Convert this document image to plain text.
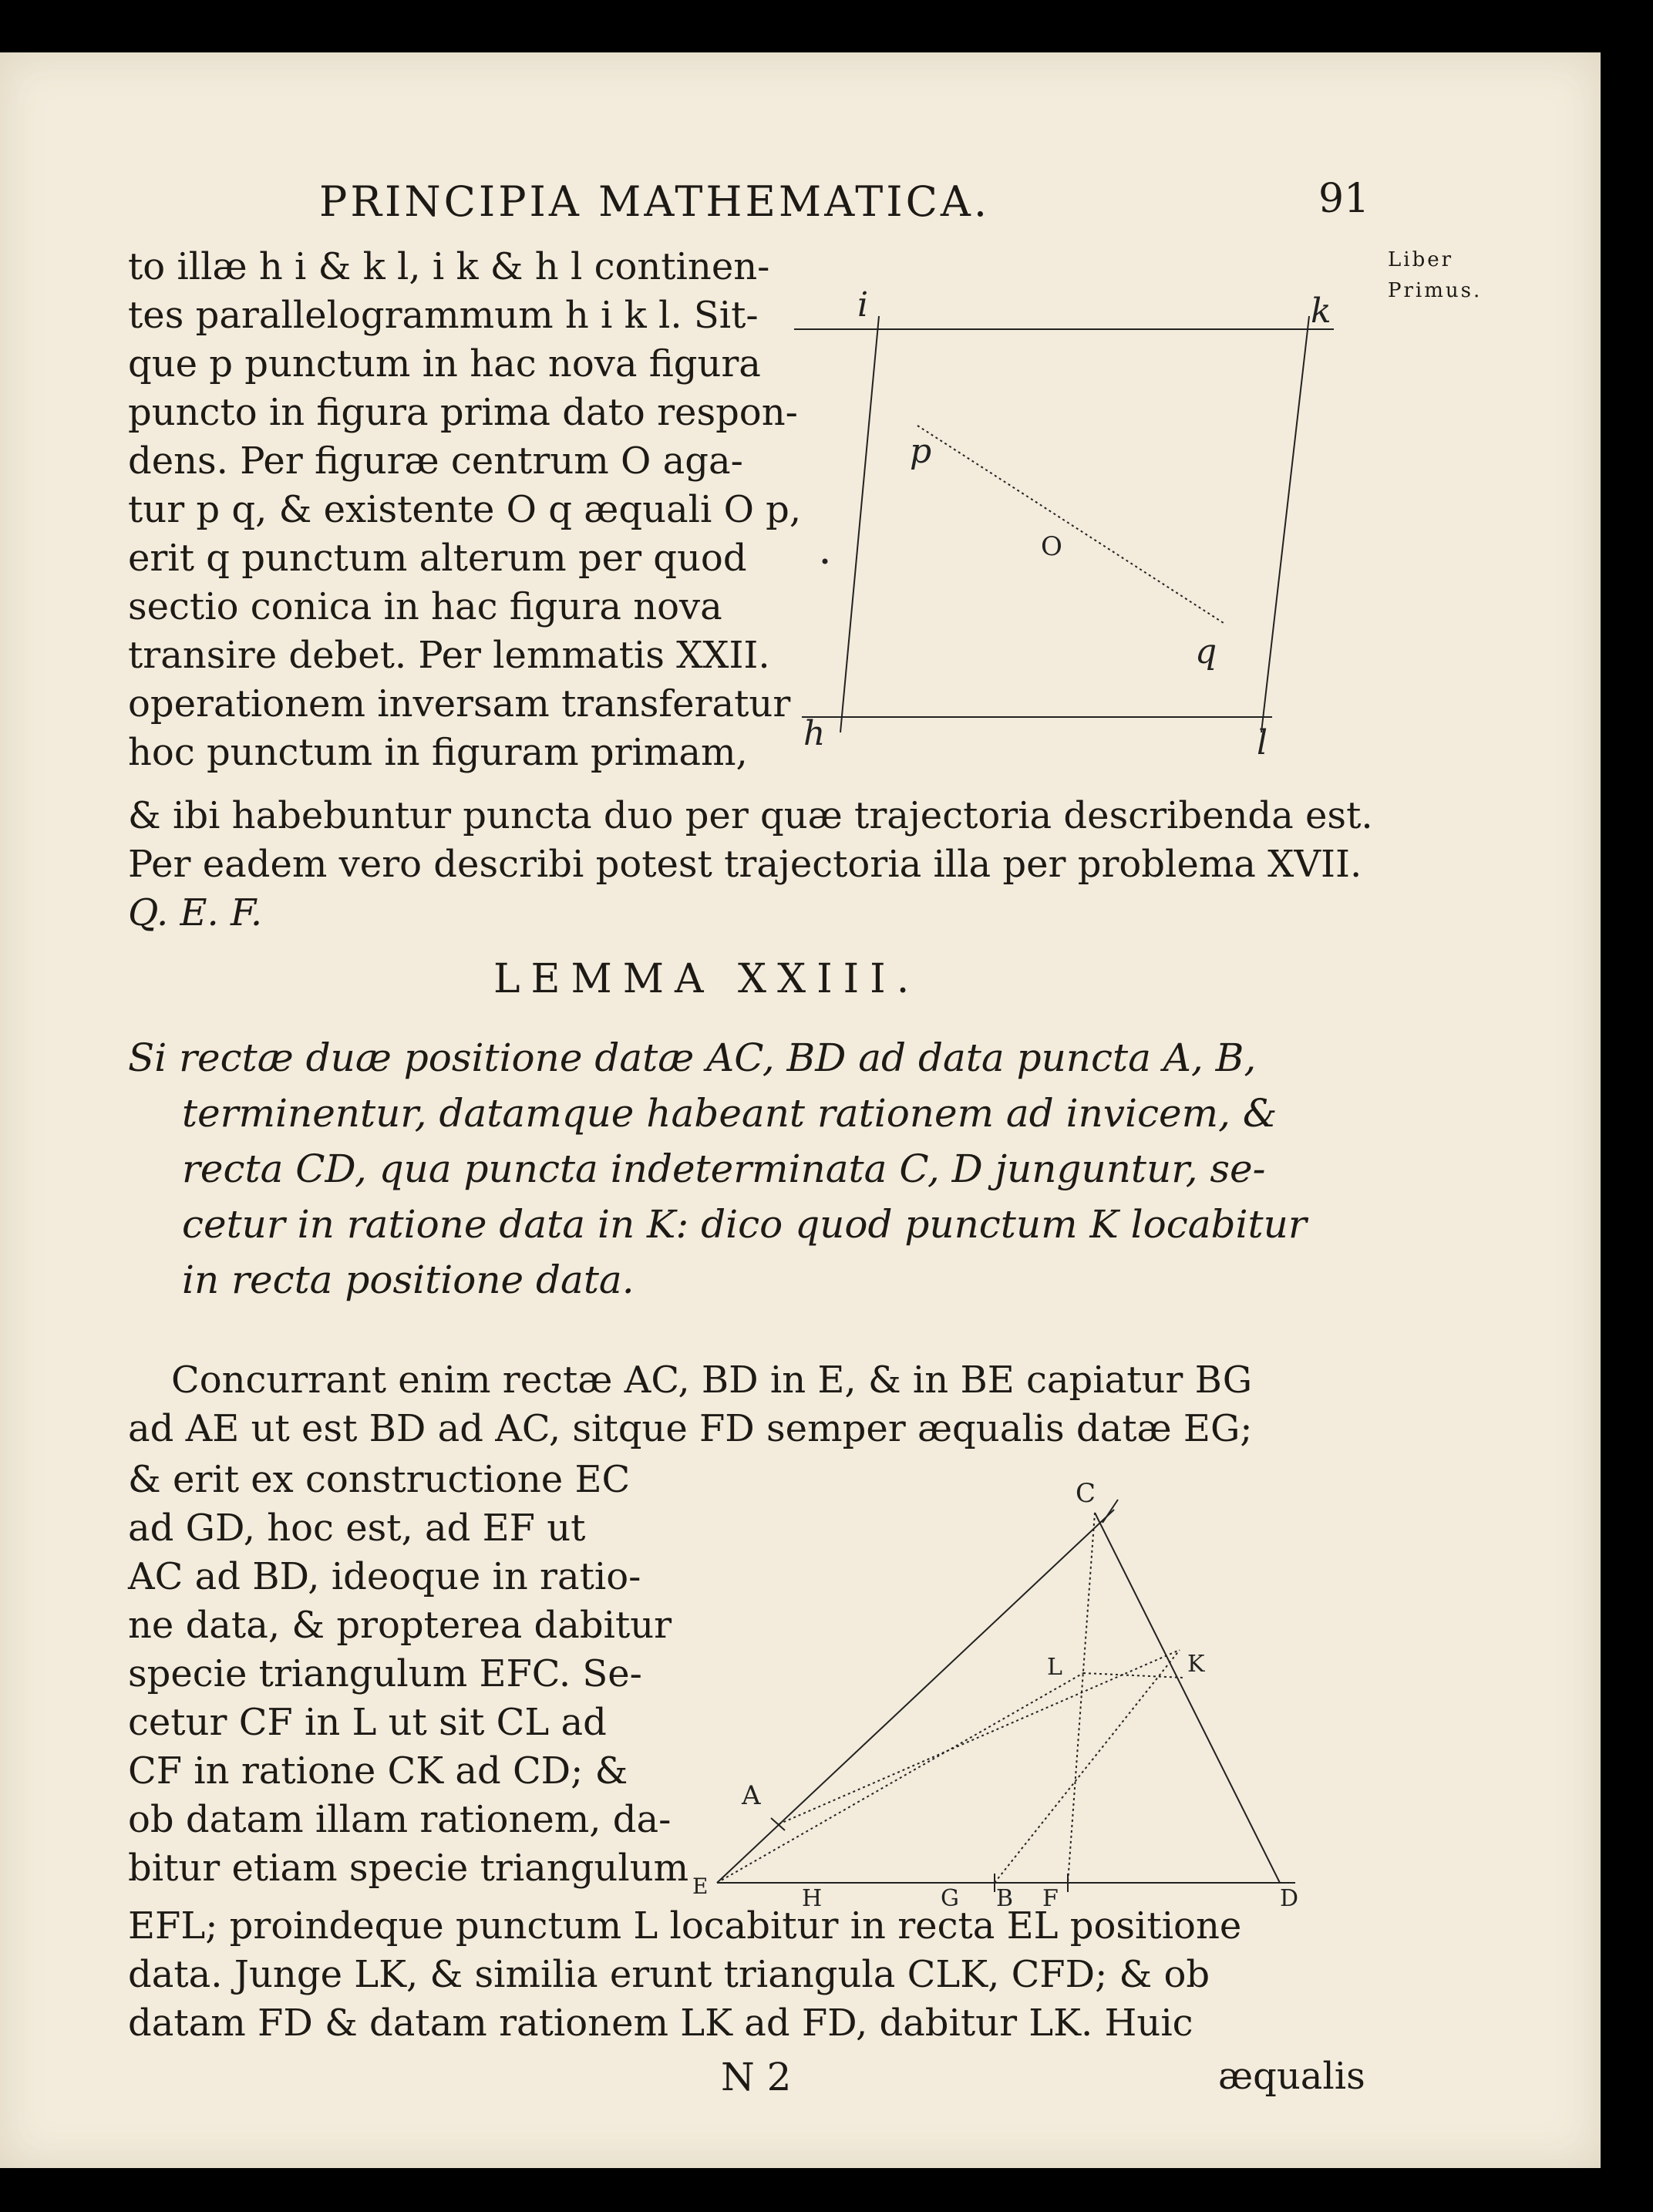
PRINCIPIA MATHEMATICA.	91
Liber
Primus.
to illæ h i & k l, i k & h l continen-
tes parallelogrammum h i k l. Sit-
que p punctum in hac nova figura
puncto in figura prima dato respon-
dens. Per figuræ centrum O aga-
tur p q, & existente O q æquali O p,
erit q punctum alterum per quod
sectio conica in hac figura nova
transire debet. Per lemmatis XXII.
operationem inversam transferatur
hoc punctum in figuram primam,
i	k
p
O
q
h	l
& ibi habebuntur puncta duo per quæ trajectoria describenda est.
Per eadem vero describi potest trajectoria illa per problema XVII.
Q. E. F.
LEMMA XXIII.
Si rectæ duæ positione datæ AC, BD ad data puncta A, B,
terminentur, datamque habeant rationem ad invicem, &
recta CD, qua puncta indeterminata C, D junguntur, se-
cetur in ratione data in K: dico quod punctum K locabitur
in recta positione data.
Concurrant enim rectæ AC, BD in E, & in BE capiatur BG
ad AE ut est BD ad AC, sitque FD semper æqualis datæ EG;
& erit ex constructione EC
ad GD, hoc est, ad EF ut
AC ad BD, ideoque in ratio-
ne data, & propterea dabitur
specie triangulum EFC. Se-
cetur CF in L ut sit CL ad
CF in ratione CK ad CD; &
ob datam illam rationem, da-
bitur etiam specie triangulum
C
L	K
A
E	H	G B F	D
EFL; proindeque punctum L locabitur in recta EL positione
data. Junge LK, & similia erunt triangula CLK, CFD; & ob
datam FD & datam rationem LK ad FD, dabitur LK. Huic
N 2	æqualis
